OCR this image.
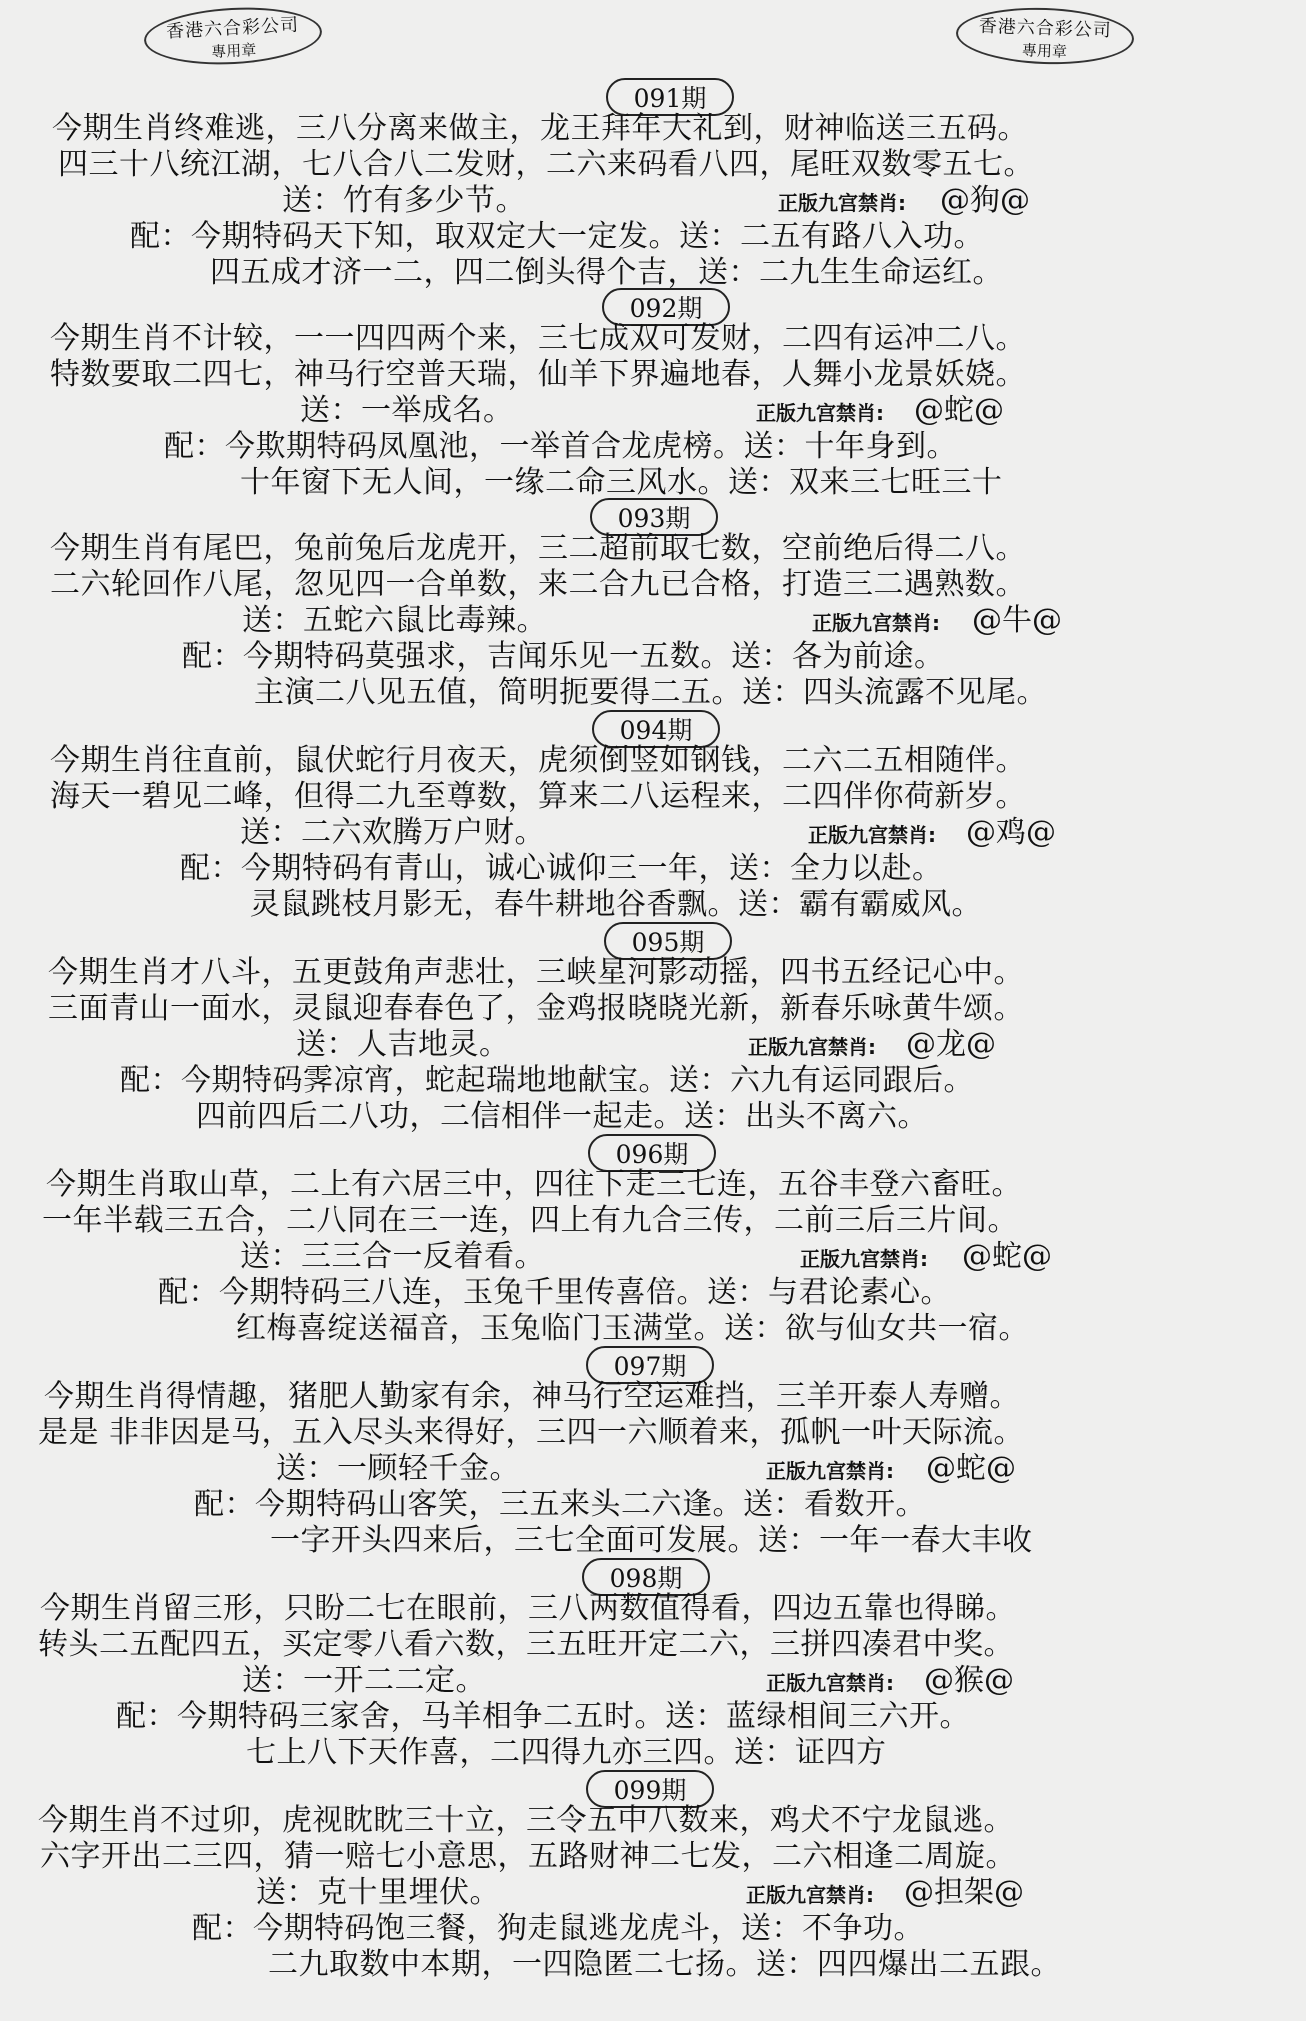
香港六合彩公司
專用章
香港六合彩公司
專用章
091期
今期生肖终难逃，三八分离来做主，龙王拜年大礼到，财神临送三五码。
四三十八统江湖，七八合八二发财，二六来码看八四，尾旺双数零五七。
送：竹有多少节。	正版九宫禁肖: @狗@
配：今期特码天下知，取双定大一定发。送：二五有路八入功。
四五成才济一二，四二倒头得个吉，送：二九生生命运红。
092期
今期生肖不计较，一一四四两个来，三七成双可发财，二四有运冲二八。
特数要取二四七，神马行空普天瑞，仙羊下界遍地春，人舞小龙景妖娆。
送：一举成名。	正版九宫禁肖: @蛇@
配：今欺期特码凤凰池，一举首合龙虎榜。送：十年身到。
十年窗下无人间，一缘二命三风水。送：双来三七旺三十
093期
今期生肖有尾巴，兔前兔后龙虎开，三二超前取七数，空前绝后得二八。
二六轮回作八尾，忽见四一合单数，来二合九已合格，打造三二遇熟数。
送：五蛇六鼠比毒辣。	正版九宫禁肖: @牛@
配：今期特码莫强求，吉闻乐见一五数。送：各为前途。
主演二八见五值，简明扼要得二五。送：四头流露不见尾。
094期
今期生肖往直前，鼠伏蛇行月夜天，虎须倒竖如钢钱，二六二五相随伴。
海天一碧见二峰，但得二九至尊数，算来二八运程来，二四伴你荷新岁。
送：二六欢腾万户财。	正版九宫禁肖: @鸡@
配：今期特码有青山，诚心诚仰三一年，送：全力以赴。
灵鼠跳枝月影无，春牛耕地谷香飘。送：霸有霸威风。
095期
今期生肖才八斗，五更鼓角声悲壮，三峡星河影动摇，四书五经记心中。
三面青山一面水，灵鼠迎春春色了，金鸡报晓晓光新，新春乐咏黄牛颂。
送：人吉地灵。	正版九宫禁肖: @龙@
配：今期特码霁凉宵，蛇起瑞地地献宝。送：六九有运同跟后。
四前四后二八功，二信相伴一起走。送：出头不离六。
096期
今期生肖取山草，二上有六居三中，四往下走三七连，五谷丰登六畜旺。
一年半载三五合，二八同在三一连，四上有九合三传，二前三后三片间。
送：三三合一反着看。	正版九宫禁肖: @蛇@
配：今期特码三八连，玉兔千里传喜倍。送：与君论素心。
红梅喜绽送福音，玉兔临门玉满堂。送：欲与仙女共一宿。
097期
今期生肖得情趣，猪肥人勤家有余，神马行空运难挡，三羊开泰人寿赠。
是是 非非因是马，五入尽头来得好，三四一六顺着来，孤帆一叶天际流。
送：一顾轻千金。	正版九宫禁肖: @蛇@
配：今期特码山客笑，三五来头二六逢。送：看数开。
一字开头四来后，三七全面可发展。送：一年一春大丰收
098期
今期生肖留三形，只盼二七在眼前，三八两数值得看，四边五靠也得睇。
转头二五配四五，买定零八看六数，三五旺开定二六，三拼四凑君中奖。
送：一开二二定。	正版九宫禁肖: @猴@
配：今期特码三家舍，马羊相争二五时。送：蓝绿相间三六开。
七上八下天作喜，二四得九亦三四。送：证四方
099期
今期生肖不过卯，虎视眈眈三十立，三令五中八数来，鸡犬不宁龙鼠逃。
六字开出二三四，猜一赔七小意思，五路财神二七发，二六相逢二周旋。
送：克十里埋伏。	正版九宫禁肖: @担架@
配：今期特码饱三餐，狗走鼠逃龙虎斗，送：不争功。
二九取数中本期，一四隐匿二七扬。送：四四爆出二五跟。
